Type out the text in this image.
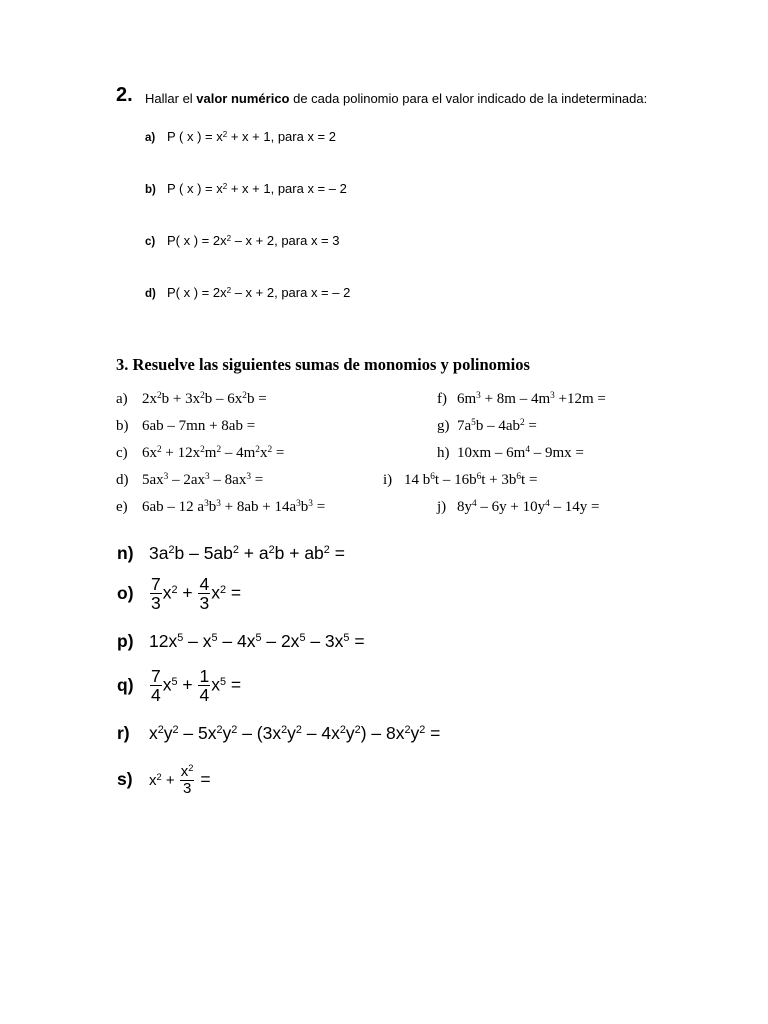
2. Hallar el valor numérico de cada polinomio para el valor indicado de la indeterminada:
a) P ( x ) = $x^2 + x + 1$, para x = 2
b) P ( x ) = $x^2 + x + 1$, para x = – 2
c) P( x ) = $2x^2 - x + 2$, para x = 3
d) P( x ) = $2x^2 - x + 2$, para x = – 2
3. Resuelve las siguientes sumas de monomios y polinomios
a) $2x^2b + 3x^2b - 6x^2b$ =
b) 6ab – 7mn + 8ab =
c) $6x^2 + 12x^2m^2 - 4m^2x^2$ =
d) $5ax^3 - 2ax^3 - 8ax^3$ =
e) 6ab – 12 $a^3b^3 + 8ab + 14a^3b^3$ =
f) $6m^3 + 8m - 4m^3 +12m$ =
g) $7a^5b - 4ab^2$ =
h) $10xm - 6m^4 - 9mx$ =
i) 14 $b^6t - 16b^6t + 3b^6t$ =
j) $8y^4 - 6y + 10y^4 - 14y$ =
n) $3a^2b - 5ab^2 + a^2b + ab^2$ =
$o) \frac{7}{3} x^2 + \frac{4}{3} x^2$ =
p) $12x^5 - x^5 - 4x^5 - 2x^5 - 3x^5$ =
$q) \frac{7}{4} x^5 + \frac{1}{4} x^5$ =
r) $x^2y^2 - 5x^2y^2 - (3x^2y^2 - 4x^2y^2) - 8x^2y^2$ =
s) $x^2 + \frac{x^2}{3}$ =
